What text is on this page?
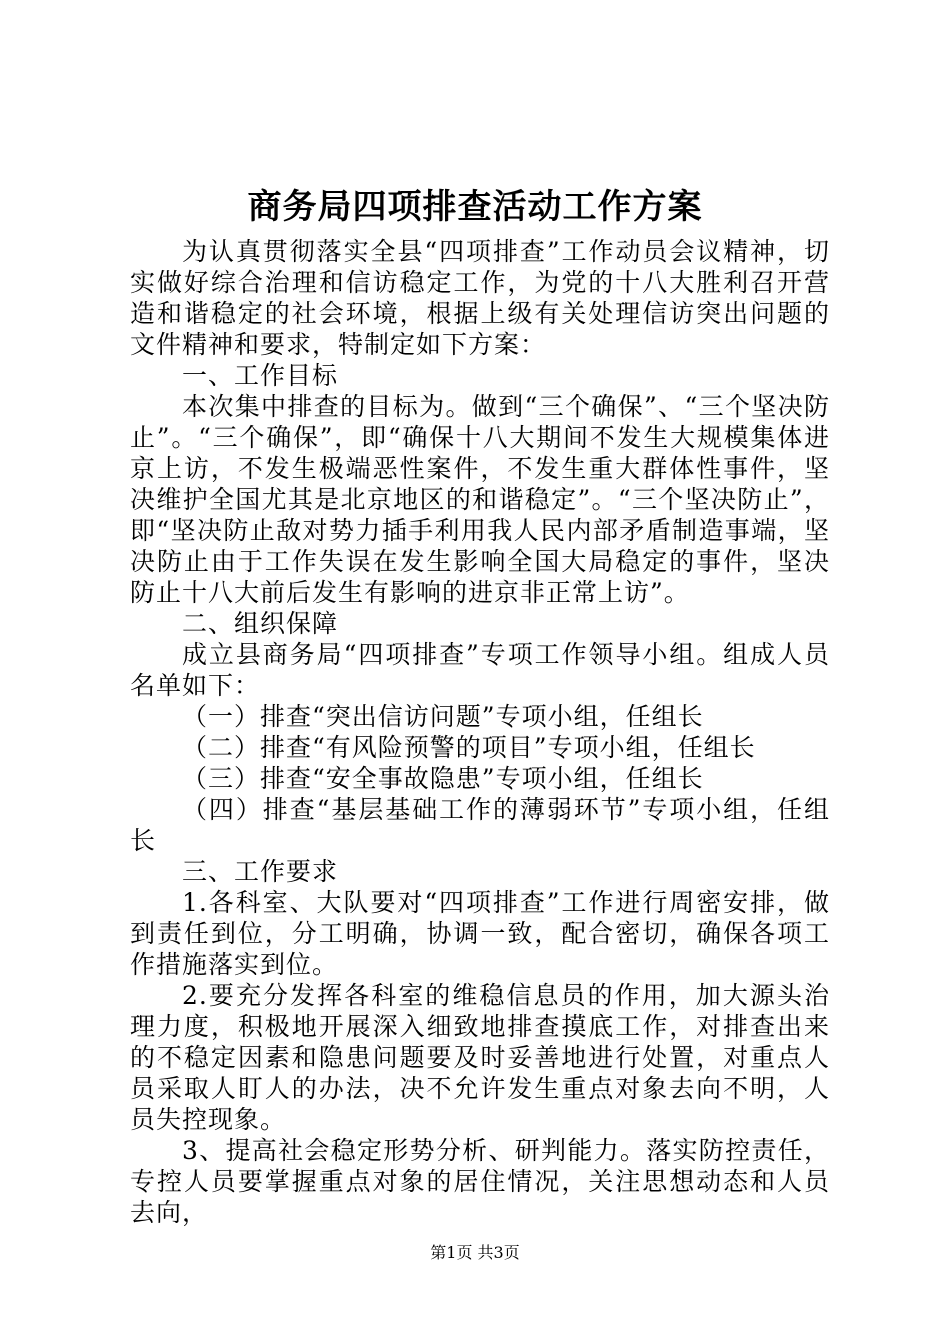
商务局四项排查活动工作方案

为认真贯彻落实全县“四项排查”工作动员会议精神，切实做好综合治理和信访稳定工作，为党的十八大胜利召开营造和谐稳定的社会环境，根据上级有关处理信访突出问题的文件精神和要求，特制定如下方案：

一、工作目标

本次集中排查的目标为。做到“三个确保”、“三个坚决防止”。“三个确保”，即“确保十八大期间不发生大规模集体进京上访，不发生极端恶性案件，不发生重大群体性事件，坚决维护全国尤其是北京地区的和谐稳定”。“三个坚决防止”，即“坚决防止敌对势力插手利用我人民内部矛盾制造事端，坚决防止由于工作失误在发生影响全国大局稳定的事件，坚决防止十八大前后发生有影响的进京非正常上访”。

二、组织保障

成立县商务局“四项排查”专项工作领导小组。组成人员名单如下：

（一）排查“突出信访问题”专项小组，任组长

（二）排查“有风险预警的项目”专项小组，任组长

（三）排查“安全事故隐患”专项小组，任组长

（四）排查“基层基础工作的薄弱环节”专项小组，任组长

三、工作要求

1.各科室、大队要对“四项排查”工作进行周密安排，做到责任到位，分工明确，协调一致，配合密切，确保各项工作措施落实到位。

2.要充分发挥各科室的维稳信息员的作用，加大源头治理力度，积极地开展深入细致地排查摸底工作，对排查出来的不稳定因素和隐患问题要及时妥善地进行处置，对重点人员采取人盯人的办法，决不允许发生重点对象去向不明，人员失控现象。

3、提高社会稳定形势分析、研判能力。落实防控责任，专控人员要掌握重点对象的居住情况，关注思想动态和人员去向，

第1页 共3页
